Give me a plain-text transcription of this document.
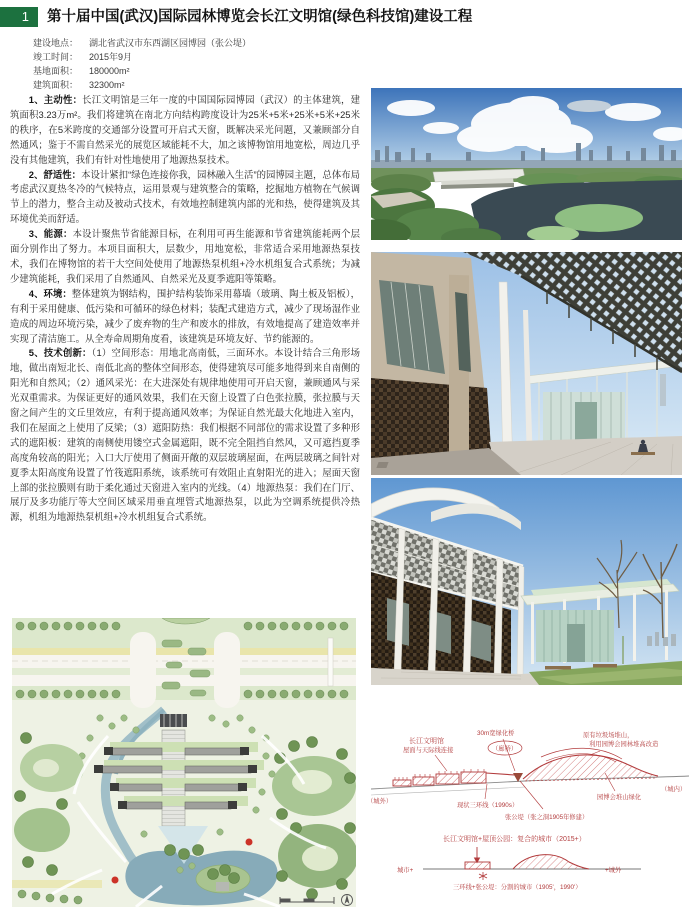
1	第十届中国(武汉)国际园林博览会长江文明馆(绿色科技馆)建设工程
建设地点：	湖北省武汉市东西湖区园博园（张公堤）
竣工时间：	2015年9月
基地面积：	180000m²
建筑面积：	32300m²

1、主动性：长江文明馆是三年一度的中国国际园博园（武汉）的主体建筑，建筑面积3.23万m²。我们将建筑在南北方向结构跨度设计为25米+5米+25米+5米+25米的秩序，在5米跨度的交通部分设置可开启式天窗，既解决采光问题，又兼顾部分自然通风；鉴于不需自然采光的展览区域能耗不大，加之该博物馆用地宽松，周边几乎没有其他建筑，我们有针对性地使用了地源热泵技术。

2、舒适性：本设计紧扣“绿色连接你我，园林融入生活”的园博园主题，总体布局考虑武汉夏热冬冷的气候特点，运用景观与建筑整合的策略，挖掘地方植物在气候调节上的潜力，整合主动及被动式技术，有效地控制建筑内部的光和热，使得建筑及其环境优美而舒适。

3、能源：本设计聚焦节省能源目标，在利用可再生能源和节省建筑能耗两个层面分别作出了努力。本项目面积大，层数少，用地宽松，非常适合采用地源热泵技术，我们在博物馆的若干大空间处使用了地源热泵机组+冷水机组复合式系统；为减少建筑能耗，我们采用了自然通风、自然采光及夏季遮阳等策略。

4、环境：整体建筑为钢结构，围护结构装饰采用幕墙（玻璃、陶土板及铝板），有利于采用健康、低污染和可循环的绿色材料；装配式建造方式，减少了现场湿作业造成的周边环境污染，减少了废弃物的生产和废水的排放，有效地提高了建造效率并实现了清洁施工。从全寿命周期角度看，该建筑是环境友好、节约能源的。

5、技术创新：（1）空间形态：用地北高南低，三面环水。本设计结合三角形场地，做出南短北长、南低北高的整体空间形态，使得建筑尽可能多地得到来自南侧的阳光和自然风；（2）通风采光：在大进深处有规律地使用可开启天窗，兼顾通风与采光双重需求。为保证更好的通风效果，我们在天窗上设置了白色张拉膜，张拉膜与天窗之间产生的文丘里效应，有利于提高通风效率；为保证自然光最大化地进入室内，我们在屋面之上使用了反梁；（3）遮阳防热：我们根据不同部位的需求设置了多种形式的遮阳板：建筑的南侧使用镂空式金属遮阳，既不完全阻挡自然风，又可遮挡夏季高度角较高的阳光；入口大厅使用了侧面开敞的双层玻璃屋面，在两层玻璃之间针对夏季太阳高度角设置了竹筏遮阳系统，该系统可有效阻止直射阳光的进入；屋面天窗上部的张拉膜则有助于柔化通过天窗进入室内的光线。（4）地源热泵：我们在门厅、展厅及多功能厅等大空间区域采用垂直埋管式地源热泵，以此为空调系统提供冷热源，机组为地源热泵机组+冷水机组复合式系统。

长江文明馆
屋面与天际线连接
30m宽绿化桥
（廊桥）
原有垃圾场堆山，
利用园博会园林堆高改造
（城外）
现状三环线（1990s）
张公堤（张之洞1905年修建）
园博会堆山绿化
（城内）
长江文明馆+屋顶公园：复合的城市（2015+）
城市+	+城外
三环线+张公堤：分割的城市（1905'，1990'）
